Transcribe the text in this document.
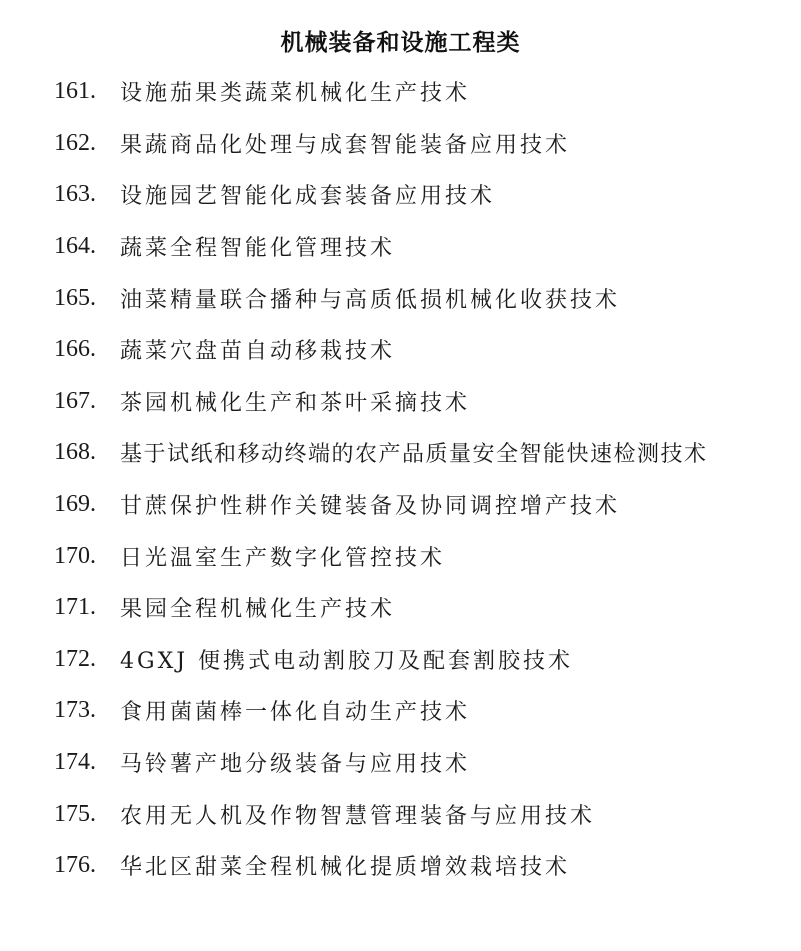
机械装备和设施工程类
161.	设施茄果类蔬菜机械化生产技术
162.	果蔬商品化处理与成套智能装备应用技术
163.	设施园艺智能化成套装备应用技术
164.	蔬菜全程智能化管理技术
165.	油菜精量联合播种与高质低损机械化收获技术
166.	蔬菜穴盘苗自动移栽技术
167.	茶园机械化生产和茶叶采摘技术
168.	基于试纸和移动终端的农产品质量安全智能快速检测技术
169.	甘蔗保护性耕作关键装备及协同调控增产技术
170.	日光温室生产数字化管控技术
171.	果园全程机械化生产技术
172.	4GXJ 便携式电动割胶刀及配套割胶技术
173.	食用菌菌棒一体化自动生产技术
174.	马铃薯产地分级装备与应用技术
175.	农用无人机及作物智慧管理装备与应用技术
176.	华北区甜菜全程机械化提质增效栽培技术
